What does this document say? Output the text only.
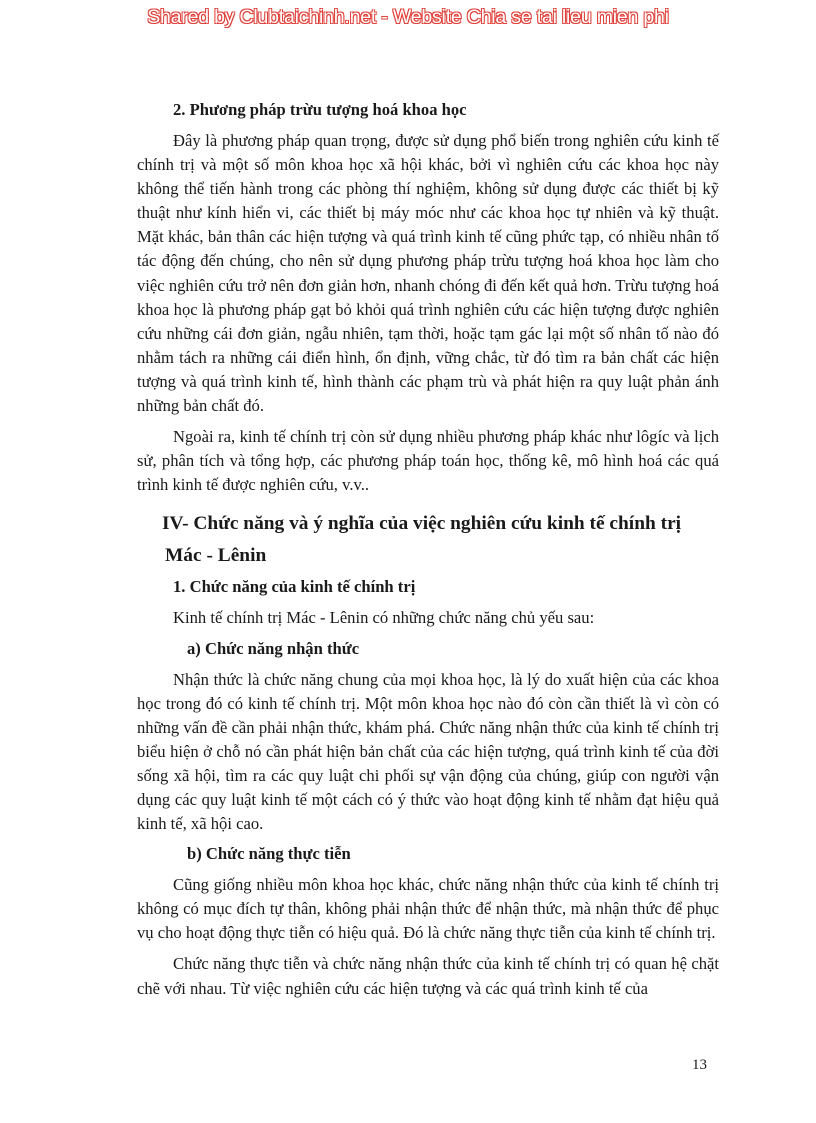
Shared by Clubtaichinh.net - Website Chia se tai lieu mien phi
2. Phương pháp trừu tượng hoá khoa học

Đây là phương pháp quan trọng, được sử dụng phổ biến trong nghiên cứu kinh tế chính trị và một số môn khoa học xã hội khác, bởi vì nghiên cứu các khoa học này không thể tiến hành trong các phòng thí nghiệm, không sử dụng được các thiết bị kỹ thuật như kính hiển vi, các thiết bị máy móc như các khoa học tự nhiên và kỹ thuật. Mặt khác, bản thân các hiện tượng và quá trình kinh tế cũng phức tạp, có nhiều nhân tố tác động đến chúng, cho nên sử dụng phương pháp trừu tượng hoá khoa học làm cho việc nghiên cứu trở nên đơn giản hơn, nhanh chóng đi đến kết quả hơn. Trừu tượng hoá khoa học là phương pháp gạt bỏ khỏi quá trình nghiên cứu các hiện tượng được nghiên cứu những cái đơn giản, ngẫu nhiên, tạm thời, hoặc tạm gác lại một số nhân tố nào đó nhằm tách ra những cái điển hình, ổn định, vững chắc, từ đó tìm ra bản chất các hiện tượng và quá trình kinh tế, hình thành các phạm trù và phát hiện ra quy luật phản ánh những bản chất đó.

Ngoài ra, kinh tế chính trị còn sử dụng nhiều phương pháp khác như lôgíc và lịch sử, phân tích và tổng hợp, các phương pháp toán học, thống kê, mô hình hoá các quá trình kinh tế được nghiên cứu, v.v..

IV- Chức năng và ý nghĩa của việc nghiên cứu kinh tế chính trị
Mác - Lênin
1. Chức năng của kinh tế chính trị

Kinh tế chính trị Mác - Lênin có những chức năng chủ yếu sau:

a) Chức năng nhận thức

Nhận thức là chức năng chung của mọi khoa học, là lý do xuất hiện của các khoa học trong đó có kinh tế chính trị. Một môn khoa học nào đó còn cần thiết là vì còn có những vấn đề cần phải nhận thức, khám phá. Chức năng nhận thức của kinh tế chính trị biểu hiện ở chỗ nó cần phát hiện bản chất của các hiện tượng, quá trình kinh tế của đời sống xã hội, tìm ra các quy luật chi phối sự vận động của chúng, giúp con người vận dụng các quy luật kinh tế một cách có ý thức vào hoạt động kinh tế nhằm đạt hiệu quả kinh tế, xã hội cao.

b) Chức năng thực tiễn

Cũng giống nhiều môn khoa học khác, chức năng nhận thức của kinh tế chính trị không có mục đích tự thân, không phải nhận thức để nhận thức, mà nhận thức để phục vụ cho hoạt động thực tiễn có hiệu quả. Đó là chức năng thực tiễn của kinh tế chính trị.

Chức năng thực tiễn và chức năng nhận thức của kinh tế chính trị có quan hệ chặt chẽ với nhau. Từ việc nghiên cứu các hiện tượng và các quá trình kinh tế của

13
